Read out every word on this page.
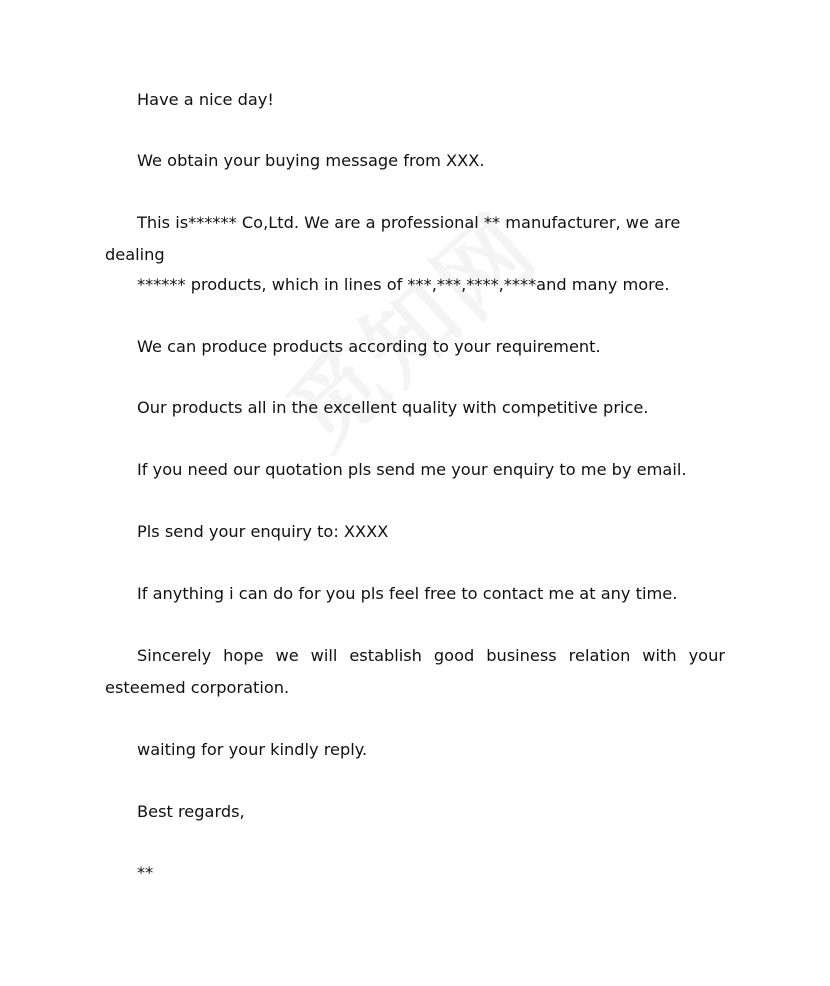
Have a nice day!

We obtain your buying message from XXX.

This is****** Co,Ltd. We are a professional ** manufacturer, we are dealing

****** products, which in lines of ***,***,****,****and many more.

We can produce products according to your requirement.

Our products all in the excellent quality with competitive price.

If you need our quotation pls send me your enquiry to me by email.

Pls send your enquiry to: XXXX

If anything i can do for you pls feel free to contact me at any time.

Sincerely hope we will establish good business relation with your esteemed corporation.

waiting for your kindly reply.

Best regards,

**
